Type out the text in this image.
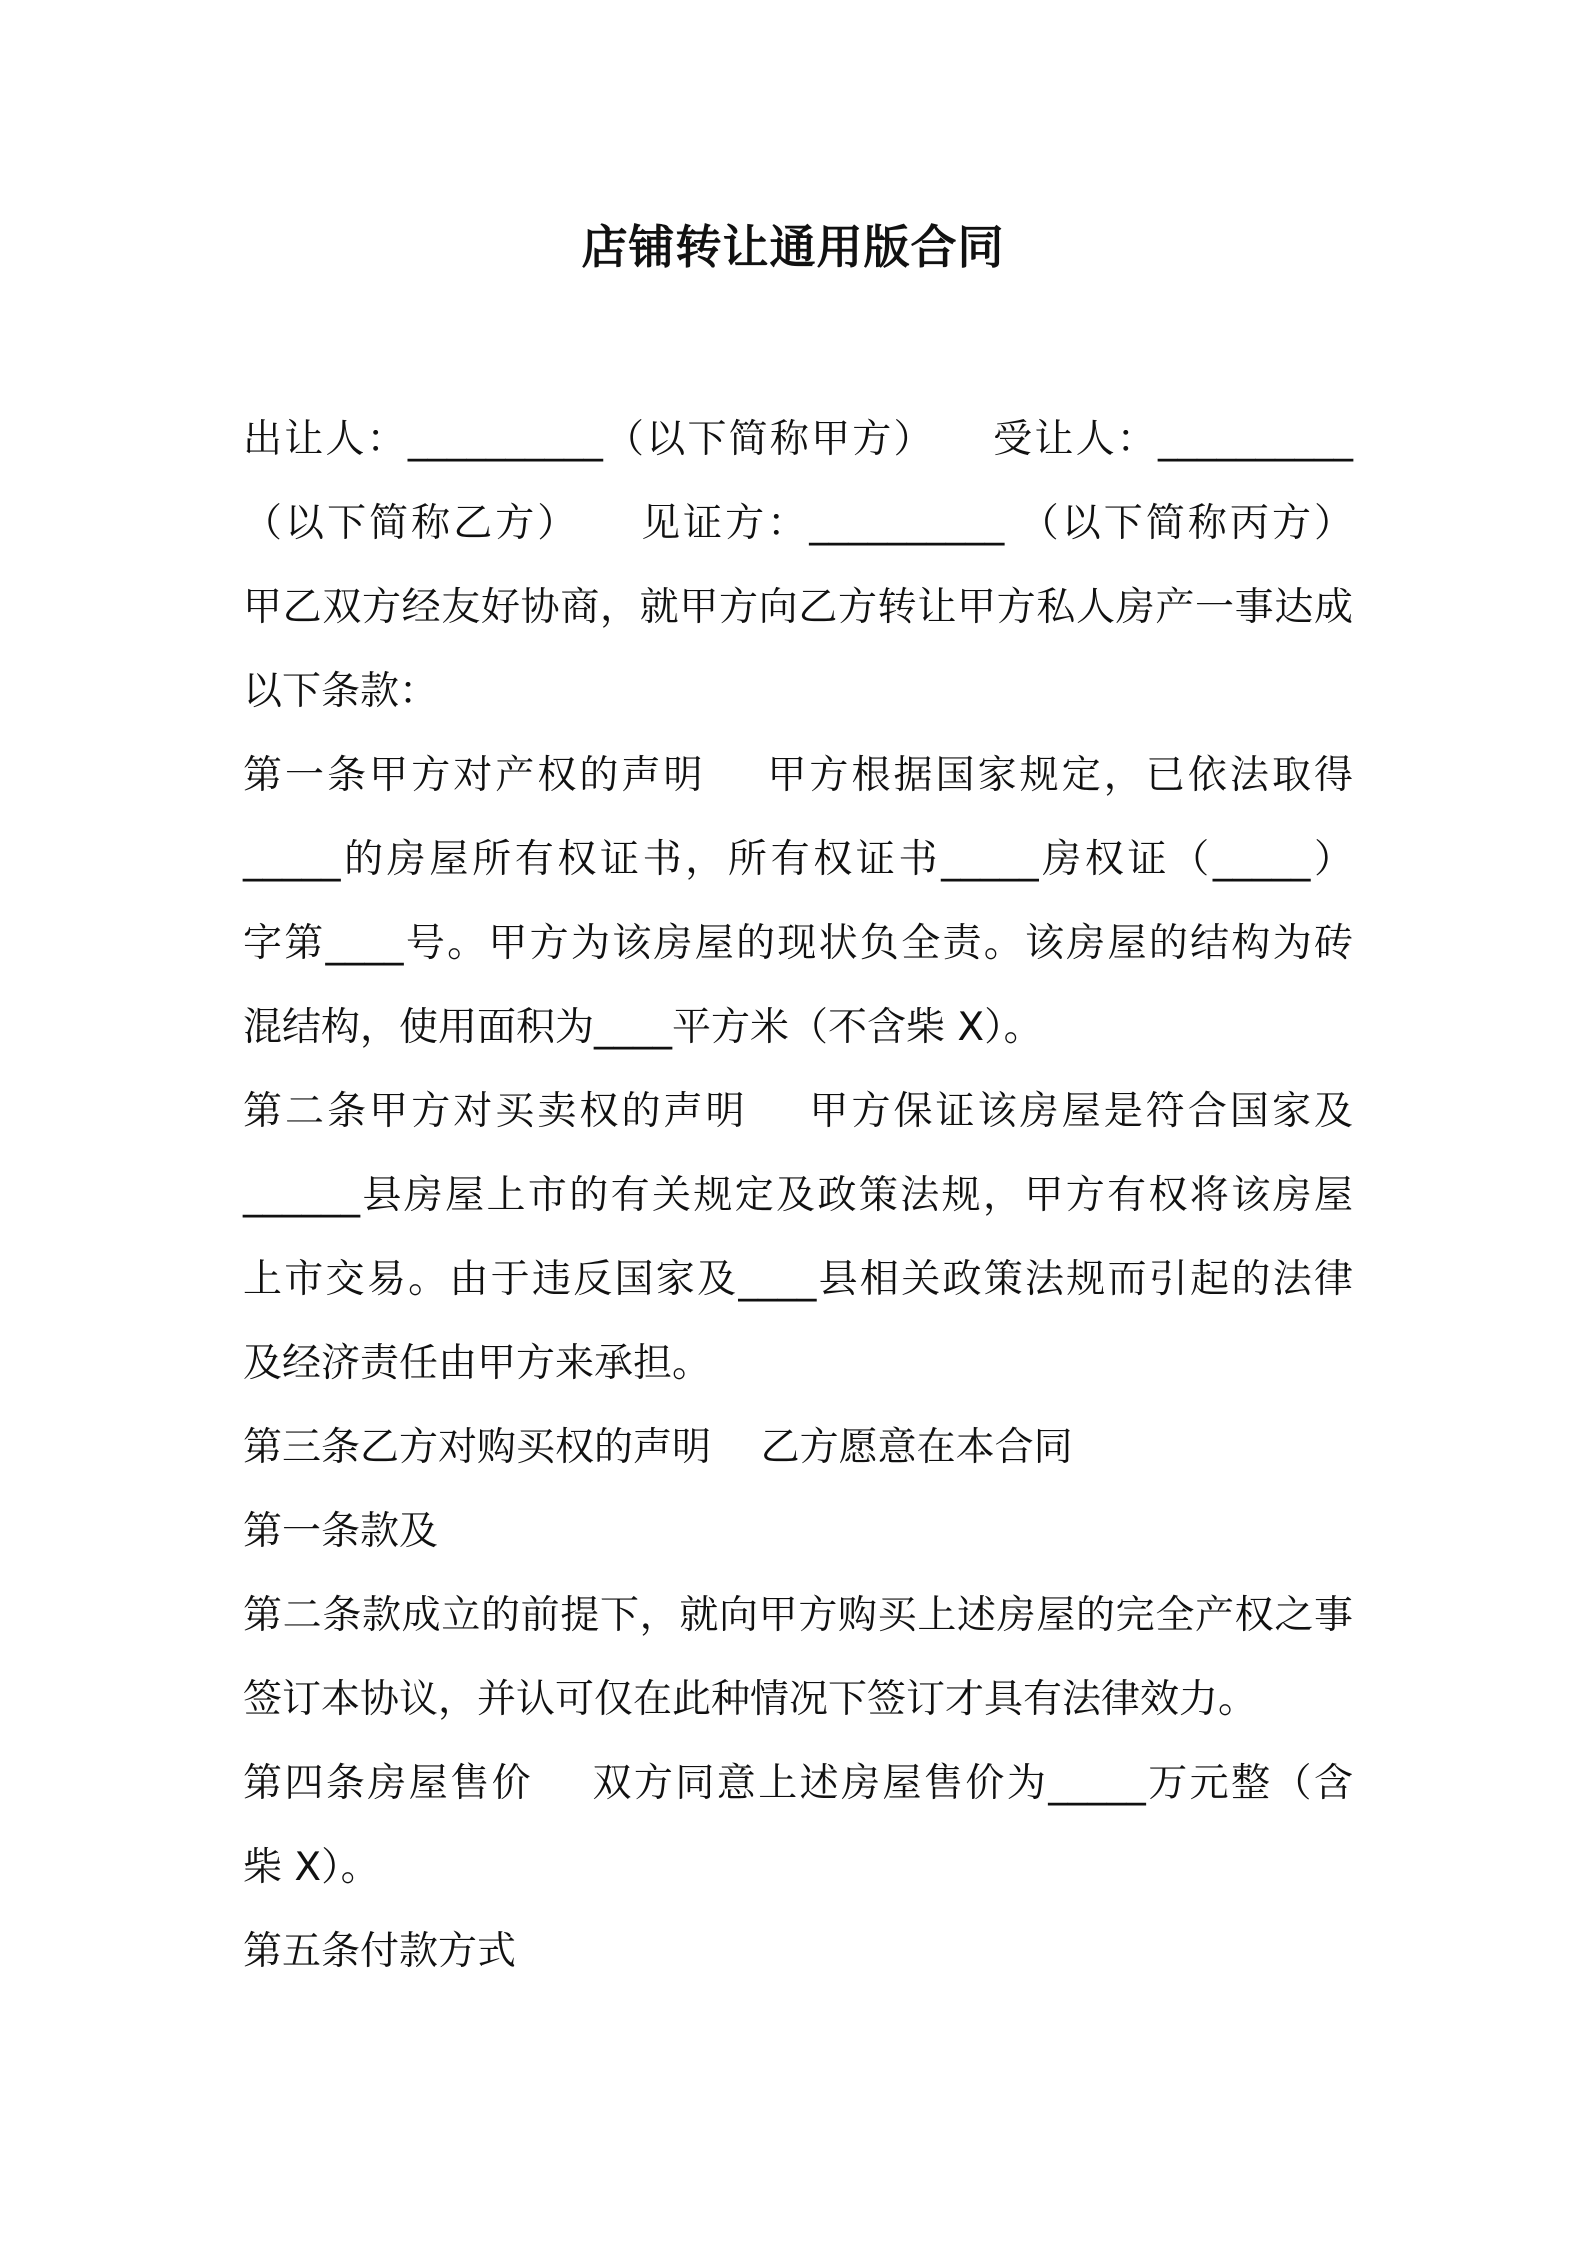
店铺转让通用版合同
出让人：__________（以下简称甲方）    受让人：__________
（以下简称乙方）    见证方：__________ （以下简称丙方）
甲乙双方经友好协商，就甲方向乙方转让甲方私人房产一事达成
以下条款：
第一条甲方对产权的声明    甲方根据国家规定，已依法取得
_____的房屋所有权证书，所有权证书_____房权证（_____）
字第____号。甲方为该房屋的现状负全责。该房屋的结构为砖
混结构，使用面积为____平方米（不含柴 X）。
第二条甲方对买卖权的声明    甲方保证该房屋是符合国家及
______县房屋上市的有关规定及政策法规，甲方有权将该房屋
上市交易。由于违反国家及____县相关政策法规而引起的法律
及经济责任由甲方来承担。
第三条乙方对购买权的声明    乙方愿意在本合同
第一条款及
第二条款成立的前提下，就向甲方购买上述房屋的完全产权之事
签订本协议，并认可仅在此种情况下签订才具有法律效力。
第四条房屋售价    双方同意上述房屋售价为_____万元整（含
柴 X）。
第五条付款方式
